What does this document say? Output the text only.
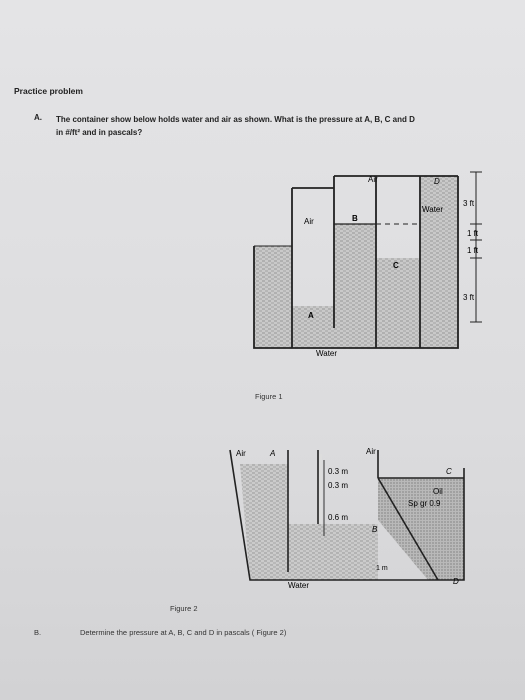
Practice problem
A. The container show below holds water and air as shown. What is the pressure at A, B, C and D
in #/ft² and in pascals?
Air
Air	B
C
A
D
Water
Water
3 ft
1 ft
1 ft
3 ft
Figure 1
Air	A	Air
0.3 m
0.3 m
0.6 m
B
C
Oil
Sp gr 0.9
1 m
D
Water
Figure 2
B.	Determine the pressure at A, B, C and D in pascals ( Figure 2)
